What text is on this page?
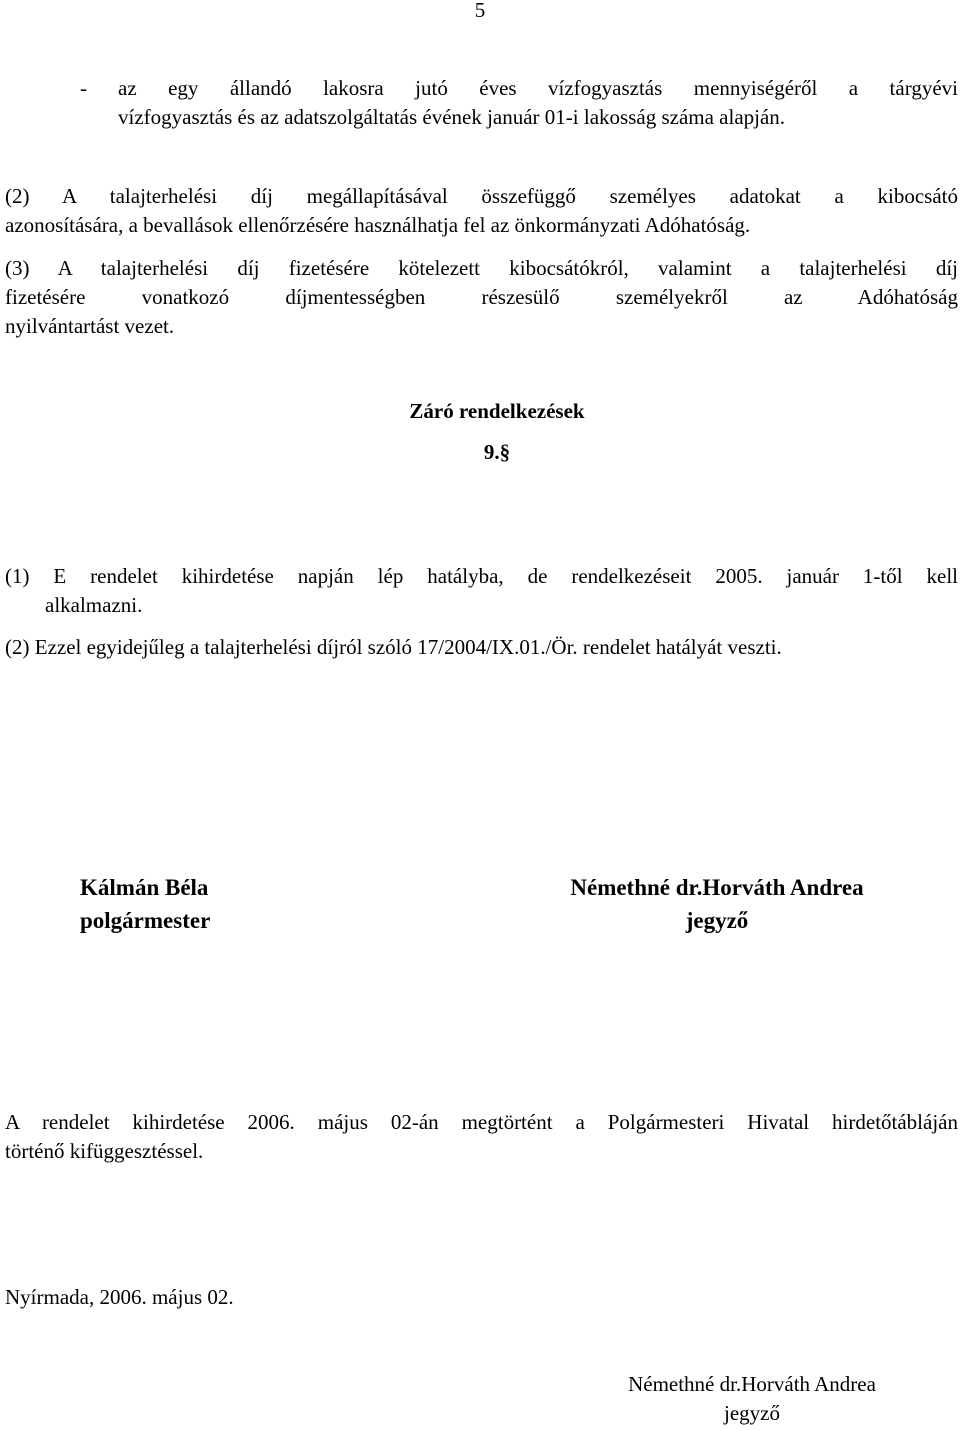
5
- az egy állandó lakosra jutó éves vízfogyasztás mennyiségéről a tárgyévi
vízfogyasztás és az adatszolgáltatás évének január 01-i lakosság száma alapján.
(2) A talajterhelési díj megállapításával összefüggő személyes adatokat a kibocsátó
azonosítására, a bevallások ellenőrzésére használhatja fel az önkormányzati Adóhatóság.
(3) A talajterhelési díj fizetésére kötelezett kibocsátókról, valamint a talajterhelési díj
fizetésére vonatkozó díjmentességben részesülő személyekről az Adóhatóság
nyilvántartást vezet.
Záró rendelkezések
9.§
(1) E rendelet kihirdetése napján lép hatályba, de rendelkezéseit 2005. január 1-től kell
alkalmazni.
(2) Ezzel egyidejűleg a talajterhelési díjról szóló 17/2004/IX.01./Ör. rendelet hatályát veszti.
Kálmán Béla
polgármester
Némethné dr.Horváth Andrea
jegyző
A rendelet kihirdetése 2006. május 02-án megtörtént a Polgármesteri Hivatal hirdetőtábláján
történő kifüggesztéssel.
Nyírmada, 2006. május 02.
Némethné dr.Horváth Andrea
jegyző
